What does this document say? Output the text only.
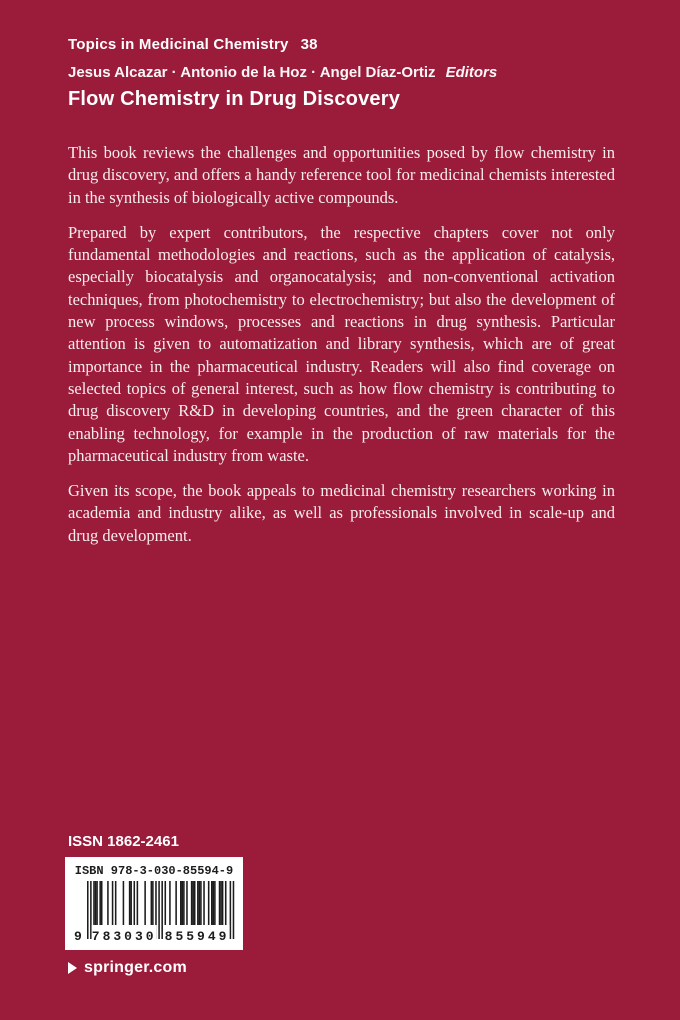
Topics in Medicinal Chemistry 38
Jesus Alcazar · Antonio de la Hoz · Angel Díaz-Ortiz Editors
Flow Chemistry in Drug Discovery

This book reviews the challenges and opportunities posed by flow chemistry in drug discovery, and offers a handy reference tool for medicinal chemists interested in the synthesis of biologically active compounds.

Prepared by expert contributors, the respective chapters cover not only fundamental methodologies and reactions, such as the application of catalysis, especially biocatalysis and organocatalysis; and non-conventional activation techniques, from photochemistry to electrochemistry; but also the development of new process windows, processes and reactions in drug synthesis. Particular attention is given to automatization and library synthesis, which are of great importance in the pharmaceutical industry. Readers will also find coverage on selected topics of general interest, such as how flow chemistry is contributing to drug discovery R&D in developing countries, and the green character of this enabling technology, for example in the production of raw materials for the pharmaceutical industry from waste.

Given its scope, the book appeals to medicinal chemistry researchers working in academia and industry alike, as well as professionals involved in scale-up and drug development.

ISSN 1862-2461
ISBN 978-3-030-85594-9
9 783030 855949
springer.com
